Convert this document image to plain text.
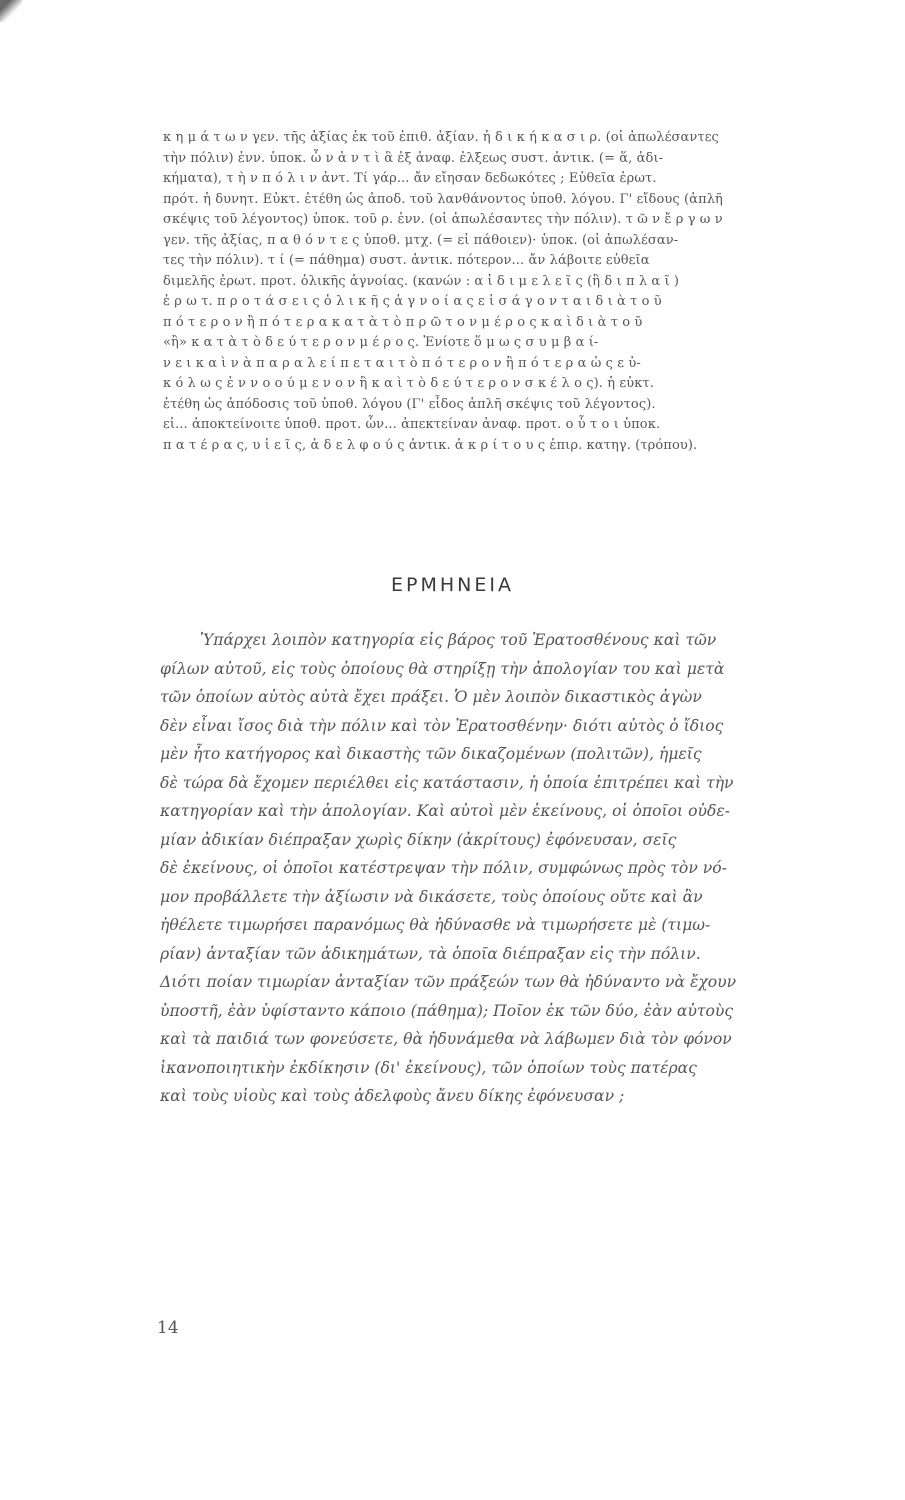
κ η μ ά τ ω ν γεν. τῆς ἀξίας ἐκ τοῦ ἐπιθ. ἀξίαν. ἠ δ ι κ ή κ α σ ι ρ. (οἱ ἀπωλέσαντες
τὴν πόλιν) ἐνν. ὑποκ. ὧ ν ἀ ν τ ὶ ἃ ἐξ ἀναφ. ἐλξεως συστ. ἀντικ. (= ἅ, ἀδι-
κήματα), τ ὴ ν π ό λ ι ν ἀντ. Τί γάρ... ἄν εἴησαν δεδωκότες ; Εὐθεῖα ἐρωτ.
πρότ. ἡ δυνητ. Εὐκτ. ἐτέθη ὡς ἀποδ. τοῦ λανθάνοντος ὑποθ. λόγου. Γ' εἴδους (ἁπλῆ
σκέψις τοῦ λέγοντος) ὑποκ. τοῦ ρ. ἐνν. (οἱ ἀπωλέσαντες τὴν πόλιν). τ ῶ ν ἔ ρ γ ω ν
γεν. τῆς ἀξίας, π α θ ό ν τ ε ς ὑποθ. μτχ. (= εἰ πάθοιεν)· ὑποκ. (οἱ ἀπωλέσαν-
τες τὴν πόλιν). τ ί (= πάθημα) συστ. ἀντικ. πότερον... ἄν λάβοιτε εὐθεῖα
διμελῆς ἐρωτ. πρoτ. ὁλικῆς ἀγνοίας. (κανών : α ἱ δ ι μ ε λ ε ῖ ς (ἢ δ ι π λ α ῖ )
ἐ ρ ω τ. π ρ ο τ ά σ ε ι ς ὁ λ ι κ ῆ ς ἀ γ ν ο ί α ς ε ἰ σ ά γ ο ν τ α ι δ ι ὰ τ ο ῦ
π ό τ ε ρ ο ν ἢ π ό τ ε ρ α κ α τ ὰ τ ὸ π ρ ῶ τ ο ν μ έ ρ ο ς κ α ὶ δ ι ὰ τ ο ῦ
«ἢ» κ α τ ὰ τ ὸ δ ε ύ τ ε ρ ο ν μ έ ρ ο ς. Ἐνίοτε ὅ μ ω ς σ υ μ β α ί-
ν ε ι κ α ὶ ν ὰ π α ρ α λ ε ί π ε τ α ι τ ὸ π ό τ ε ρ ο ν ἢ π ό τ ε ρ α ὡ ς ε ὐ-
κ ό λ ω ς ἐ ν ν ο ο ύ μ ε ν ο ν ἢ κ α ὶ τ ὸ δ ε ύ τ ε ρ ο ν σ κ έ λ ο ς). ἡ εὐκτ.
ἐτέθη ὡς ἀπόδοσις τοῦ ὑποθ. λόγου (Γ' εἶδος ἁπλῆ σκέψις τοῦ λέγοντος).
εἰ... ἀποκτείνοιτε ὑποθ. πρoτ. ὧν... ἀπεκτείναν ἀναφ. πρoτ. ο ὗ τ ο ι ὑποκ.
π α τ έ ρ α ς, υ ἱ ε ῖ ς, ἀ δ ε λ φ ο ύ ς ἀντικ. ἀ κ ρ ί τ ο υ ς ἐπιρ. κατηγ. (τρόπου).

ΕΡΜΗΝΕΙΑ
Ὑπάρχει λοιπὸν κατηγορία εἰς βάρος τοῦ Ἐρατοσθένους καὶ τῶν
φίλων αὐτοῦ, εἰς τοὺς ὁποίους θὰ στηρίξῃ τὴν ἀπολογίαν του καὶ μετὰ
τῶν ὁποίων αὐτὸς αὐτὰ ἔχει πράξει. Ὁ μὲν λοιπὸν δικαστικὸς ἀγὼν
δὲν εἶναι ἴσος διὰ τὴν πόλιν καὶ τὸν Ἐρατοσθένην· διότι αὐτὸς ὁ ἴδιος
μὲν ἦτο κατήγορος καὶ δικαστὴς τῶν δικαζομένων (πολιτῶν), ἡμεῖς
δὲ τώρα δὰ ἔχομεν περιέλθει εἰς κατάστασιν, ἡ ὁποία ἐπιτρέπει καὶ τὴν
κατηγορίαν καὶ τὴν ἀπολογίαν. Καὶ αὐτοὶ μὲν ἐκείνους, οἱ ὁποῖοι οὐδε-
μίαν ἀδικίαν διέπραξαν χωρὶς δίκην (ἀκρίτους) ἐφόνευσαν, σεῖς
δὲ ἐκείνους, οἱ ὁποῖοι κατέστρεψαν τὴν πόλιν, συμφώνως πρὸς τὸν νό-
μον προβάλλετε τὴν ἀξίωσιν νὰ δικάσετε, τοὺς ὁποίους οὔτε καὶ ἂν
ἠθέλετε τιμωρήσει παρανόμως θὰ ἠδύνασθε νὰ τιμωρήσετε μὲ (τιμω-
ρίαν) ἀνταξίαν τῶν ἀδικημάτων, τὰ ὁποῖα διέπραξαν εἰς τὴν πόλιν.
Διότι ποίαν τιμωρίαν ἀνταξίαν τῶν πράξεών των θὰ ἠδύναντο νὰ ἔχουν
ὑποστῆ, ἐὰν ὑφίσταντο κάποιο (πάθημα); Ποῖον ἐκ τῶν δύο, ἐὰν αὐτοὺς
καὶ τὰ παιδιά των φονεύσετε, θὰ ἠδυνάμεθα νὰ λάβωμεν διὰ τὸν φόνον
ἱκανοποιητικὴν ἐκδίκησιν (δι' ἐκείνους), τῶν ὁποίων τοὺς πατέρας
καὶ τοὺς υἱοὺς καὶ τοὺς ἀδελφοὺς ἄνευ δίκης ἐφόνευσαν ;
14
